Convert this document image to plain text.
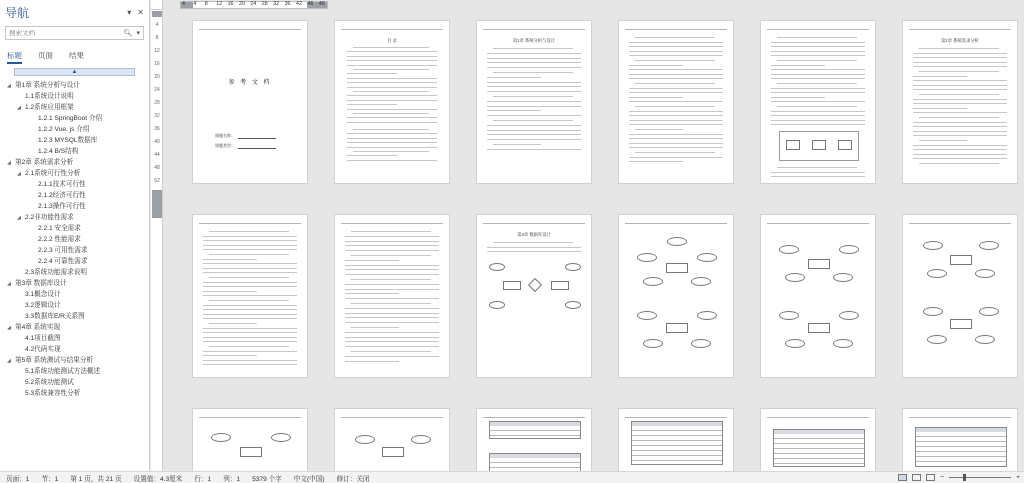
导航	▾ ✕
搜索文档
🔍︎ ▾
标题 页面 结果
▲
◢ 第1章 系统分析与设计
1.1系统设计说明
◢ 1.2系统应用框架
1.2.1 SpringBoot 介绍
1.2.2 Vue. js 介绍
1.2.3 MYSQL数据库
1.2.4 B/S结构
◢ 第2章 系统需求分析
◢ 2.1系统可行性分析
2.1.1技术可行性
2.1.2经济可行性
2.1.3操作可行性
◢ 2.2非功能性需求
2.2.1 安全需求
2.2.2 性能需求
2.2.3 可用性需求
2.2.4 可靠性需求
2.3系统功能需求说明
◢ 第3章 数据库设计
3.1概念设计
3.2逻辑设计
3.3数据库E/R关系图
◢ 第4章 系统实现
4.1项目截图
4.2代码实现
◢ 第5章 系统测试与结果分析
5.1系统功能测试方法概述
5.2系统功能测试
5.3系统兼容性分析
4
8
12
16
20
24
28
32
36
40
44
48
52
4 4 8 12 16 20 24 28 32 36 42 46 48
参 考 文 档
课题名称：
课题类型：
目 录	第1章 系统分析与设计	第2章 系统需求分析
第3章 数据库设计
页面：1	节：1	第 1 页，共 21 页	设置值：4.3厘米	行：1	列：1	5379 个字	中文(中国)	修订：关闭	−	+
